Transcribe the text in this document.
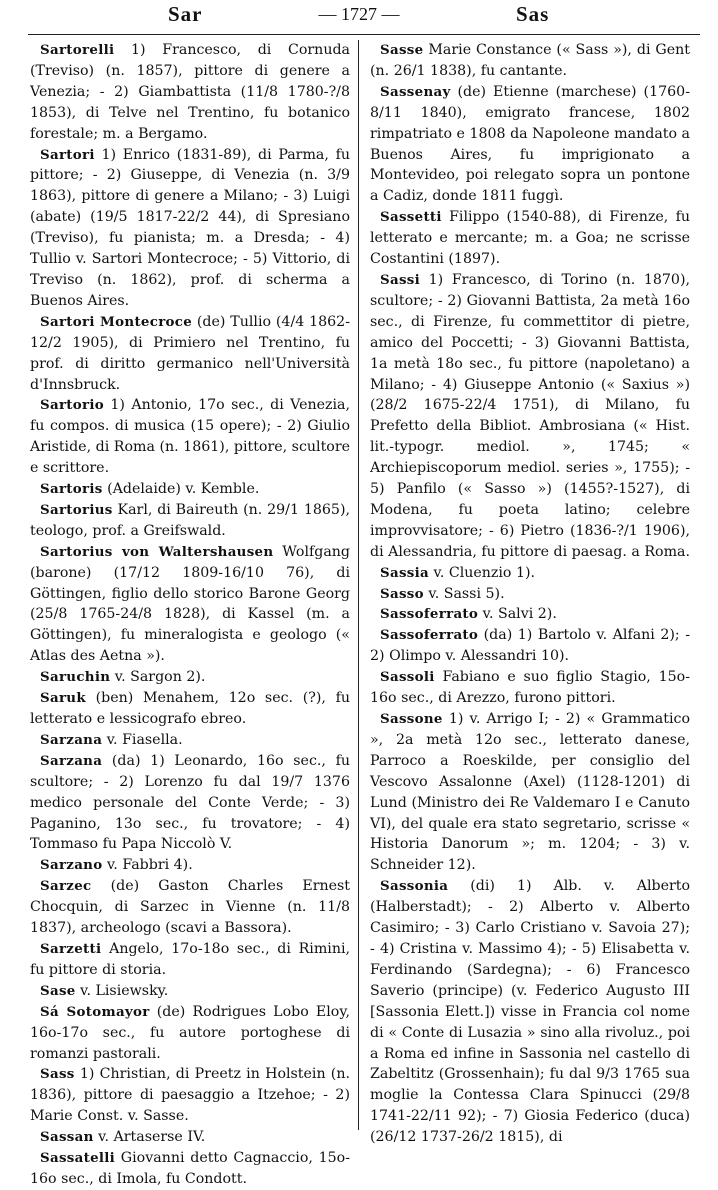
Sar	— 1727 —	Sas

Sartorelli 1) Francesco, di Cornuda (Treviso) (n. 1857), pittore di genere a Venezia; - 2) Giambattista (11/8 1780-?/8 1853), di Telve nel Trentino, fu botanico forestale; m. a Bergamo.

Sartori 1) Enrico (1831-89), di Parma, fu pittore; - 2) Giuseppe, di Venezia (n. 3/9 1863), pittore di genere a Milano; - 3) Luigi (abate) (19/5 1817-22/2 44), di Spresiano (Treviso), fu pianista; m. a Dresda; - 4) Tullio v. Sartori Montecroce; - 5) Vittorio, di Treviso (n. 1862), prof. di scherma a Buenos Aires.

Sartori Montecroce (de) Tullio (4/4 1862-12/2 1905), di Primiero nel Trentino, fu prof. di diritto germanico nell'Università d'Innsbruck.

Sartorio 1) Antonio, 17o sec., di Venezia, fu compos. di musica (15 opere); - 2) Giulio Aristide, di Roma (n. 1861), pittore, scultore e scrittore.

Sartoris (Adelaide) v. Kemble.

Sartorius Karl, di Baireuth (n. 29/1 1865), teologo, prof. a Greifswald.

Sartorius von Waltershausen Wolfgang (barone) (17/12 1809-16/10 76), di Göttingen, figlio dello storico Barone Georg (25/8 1765-24/8 1828), di Kassel (m. a Göttingen), fu mineralogista e geologo (« Atlas des Aetna »).

Saruchin v. Sargon 2).

Saruk (ben) Menahem, 12o sec. (?), fu letterato e lessicografo ebreo.

Sarzana v. Fiasella.

Sarzana (da) 1) Leonardo, 16o sec., fu scultore; - 2) Lorenzo fu dal 19/7 1376 medico personale del Conte Verde; - 3) Paganino, 13o sec., fu trovatore; - 4) Tommaso fu Papa Niccolò V.

Sarzano v. Fabbri 4).

Sarzec (de) Gaston Charles Ernest Chocquin, di Sarzec in Vienne (n. 11/8 1837), archeologo (scavi a Bassora).

Sarzetti Angelo, 17o-18o sec., di Rimini, fu pittore di storia.

Sase v. Lisiewsky.

Sá Sotomayor (de) Rodrigues Lobo Eloy, 16o-17o sec., fu autore portoghese di romanzi pastorali.

Sass 1) Christian, di Preetz in Holstein (n. 1836), pittore di paesaggio a Itzehoe; - 2) Marie Const. v. Sasse.

Sassan v. Artaserse IV.

Sassatelli Giovanni detto Cagnaccio, 15o-16o sec., di Imola, fu Condott.

Sasse Marie Constance (« Sass »), di Gent (n. 26/1 1838), fu cantante.

Sassenay (de) Etienne (marchese) (1760-8/11 1840), emigrato francese, 1802 rimpatriato e 1808 da Napoleone mandato a Buenos Aires, fu imprigionato a Montevideo, poi relegato sopra un pontone a Cadiz, donde 1811 fuggì.

Sassetti Filippo (1540-88), di Firenze, fu letterato e mercante; m. a Goa; ne scrisse Costantini (1897).

Sassi 1) Francesco, di Torino (n. 1870), scultore; - 2) Giovanni Battista, 2a metà 16o sec., di Firenze, fu commettitor di pietre, amico del Poccetti; - 3) Giovanni Battista, 1a metà 18o sec., fu pittore (napoletano) a Milano; - 4) Giuseppe Antonio (« Saxius ») (28/2 1675-22/4 1751), di Milano, fu Prefetto della Bibliot. Ambrosiana (« Hist. lit.-typogr. mediol. », 1745; « Archiepiscoporum mediol. series », 1755); - 5) Panfilo (« Sasso ») (1455?-1527), di Modena, fu poeta latino; celebre improvvisatore; - 6) Pietro (1836-?/1 1906), di Alessandria, fu pittore di paesag. a Roma.

Sassia v. Cluenzio 1).

Sasso v. Sassi 5).

Sassoferrato v. Salvi 2).

Sassoferrato (da) 1) Bartolo v. Alfani 2); - 2) Olimpo v. Alessandri 10).

Sassoli Fabiano e suo figlio Stagio, 15o-16o sec., di Arezzo, furono pittori.

Sassone 1) v. Arrigo I; - 2) « Grammatico », 2a metà 12o sec., letterato danese, Parroco a Roeskilde, per consiglio del Vescovo Assalonne (Axel) (1128-1201) di Lund (Ministro dei Re Valdemaro I e Canuto VI), del quale era stato segretario, scrisse « Historia Danorum »; m. 1204; - 3) v. Schneider 12).

Sassonia (di) 1) Alb. v. Alberto (Halberstadt); - 2) Alberto v. Alberto Casimiro; - 3) Carlo Cristiano v. Savoia 27); - 4) Cristina v. Massimo 4); - 5) Elisabetta v. Ferdinando (Sardegna); - 6) Francesco Saverio (principe) (v. Federico Augusto III [Sassonia Elett.]) visse in Francia col nome di « Conte di Lusazia » sino alla rivoluz., poi a Roma ed infine in Sassonia nel castello di Zabeltitz (Grossenhain); fu dal 9/3 1765 sua moglie la Contessa Clara Spinucci (29/8 1741-22/11 92); - 7) Giosia Federico (duca) (26/12 1737-26/2 1815), di
